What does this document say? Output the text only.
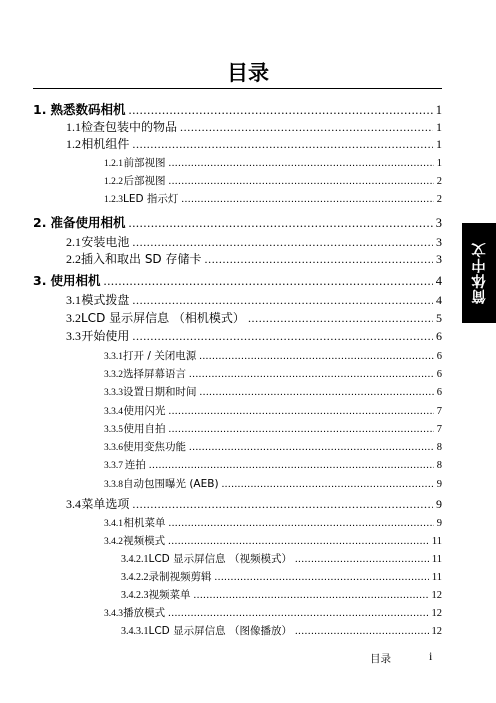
目录
1. 熟悉数码相机 .....	1
1.1 检查包装中的物品 .....	1
1.2 相机组件 .....	1
1.2.1 前部视图 .....	1
1.2.2 后部视图 .....	2
1.2.3 LED 指示灯 .....	2
2. 准备使用相机 .....	3
2.1 安装电池 .....	3
2.2 插入和取出 SD 存储卡 .....	3
3. 使用相机 .....	4
3.1 模式拨盘 .....	4
3.2 LCD 显示屏信息 （相机模式） .....	5
3.3 开始使用 .....	6
3.3.1 打开 / 关闭电源 .....	6
3.3.2 选择屏幕语言 .....	6
3.3.3 设置日期和时间 .....	6
3.3.4 使用闪光 .....	7
3.3.5 使用自拍 .....	7
3.3.6 使用变焦功能 .....	8
3.3.7 连拍 .....	8
3.3.8 自动包围曝光 (AEB) .....	9
3.4 菜单选项 .....	9
3.4.1 相机菜单 .....	9
3.4.2 视频模式 .....	11
3.4.2.1 LCD 显示屏信息 （视频模式） .....	11
3.4.2.2 录制视频剪辑 .....	11
3.4.2.3 视频菜单 .....	12
3.4.3 播放模式 .....	12
3.4.3.1 LCD 显示屏信息 （图像播放） .....	12
简体中文
目录	i
